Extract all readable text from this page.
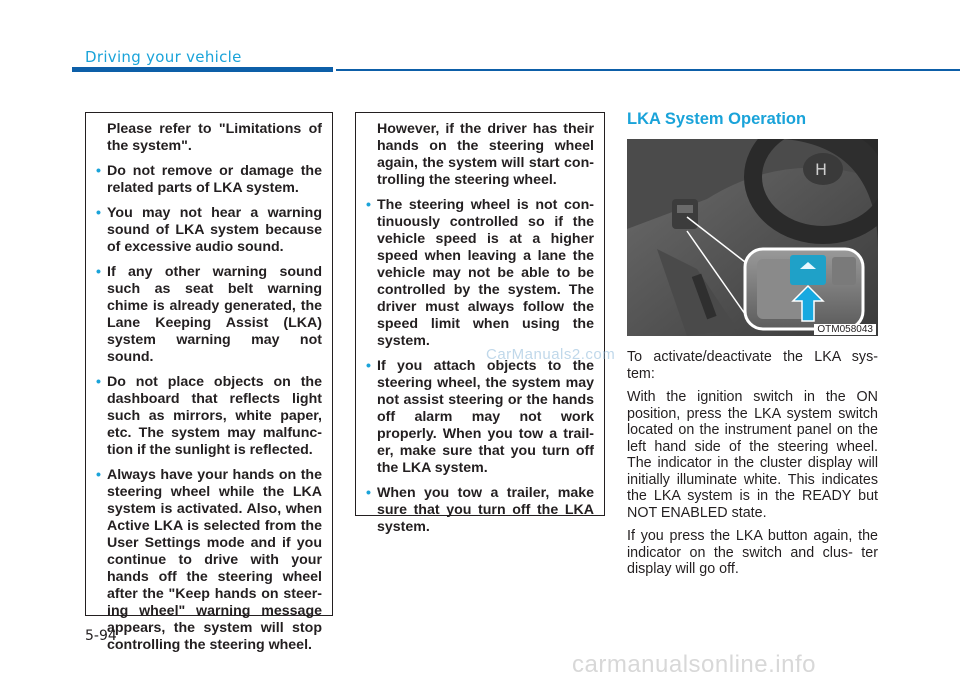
Driving your vehicle

Please refer to "Limitations of the system".

• Do not remove or damage the related parts of LKA system.
• You may not hear a warning sound of LKA system because of excessive audio sound.
• If any other warning sound such as seat belt warning chime is already generated, the Lane Keeping Assist (LKA) system warning may not sound.
• Do not place objects on the dashboard that reflects light such as mirrors, white paper, etc. The system may malfunc- tion if the sunlight is reflected.
• Always have your hands on the steering wheel while the LKA system is activated. Also, when Active LKA is selected from the User Settings mode and if you continue to drive with your hands off the steering wheel after the "Keep hands on steer- ing wheel" warning message appears, the system will stop controlling the steering wheel.

However, if the driver has their hands on the steering wheel again, the system will start con- trolling the steering wheel.

• The steering wheel is not con- tinuously controlled so if the vehicle speed is at a higher speed when leaving a lane the vehicle may not be able to be controlled by the system. The driver must always follow the speed limit when using the system.
• If you attach objects to the steering wheel, the system may not assist steering or the hands off alarm may not work properly. When you tow a trail- er, make sure that you turn off the LKA system.
• When you tow a trailer, make sure that you turn off the LKA system.
LKA System Operation
H
OTM058043

To activate/deactivate the LKA sys- tem:

With the ignition switch in the ON position, press the LKA system switch located on the instrument panel on the left hand side of the steering wheel. The indicator in the cluster display will initially illuminate white. This indicates the LKA system is in the READY but NOT ENABLED state.

If you press the LKA button again, the indicator on the switch and clus- ter display will go off.

CarManuals2.com
5-94
carmanualsonline.info
